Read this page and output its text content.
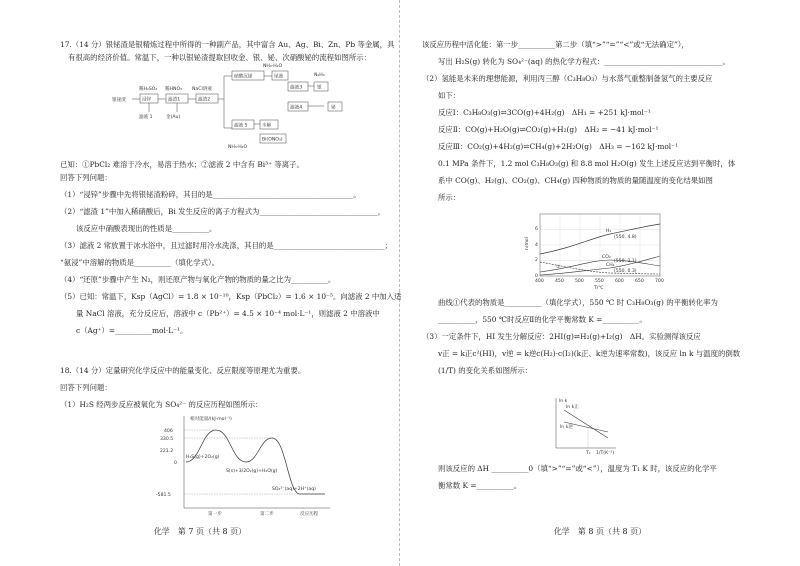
17.（14 分）银铋渣是银精炼过程中所得的一种副产品，其中富含 Au、Ag、Bi、Zn、Pb 等金属，具
有很高的经济价值。常温下，一种以银铋渣提取回收金、银、铋、次硝酸铋的流程如图所示：
银铋渣
稀H₂SO₄
浸锌
滤液 1
稀HNO₃
滤渣1
金(Au)
NaCl溶液
滤渣2
硝酸沉铋	尾液
NH₃·H₂O
滤液3
N₂H₄
银
滤液4	铋
滤液 5	水解
Bi(ONO₃)
NH₃·H₂O
已知：①PbCl₂ 难溶于冷水，易溶于热水；②滤液 2 中含有 Bi³⁺ 等离子。
回答下列问题：
（1）“浸锌”步骤中先将银铋渣粉碎，其目的是______________________________________。
（2）“滤渣 1”中加入稀硝酸后，Bi 发生反应的离子方程式为________________________________，
该反应中硝酸表现出的性质是__________。
（3）滤液 2 常放置于冰水浴中，且过滤时用冷水洗涤，其目的是______________________________；
“氨浸”中溶解的物质是__________（填化学式）。
（4）“还原”步骤中产生 N₂，则还原产物与氧化产物的物质的量之比为__________。
（5）已知：常温下，Ksp（AgCl）= 1.8 × 10⁻¹⁰，Ksp（PbCl₂）= 1.6 × 10⁻⁵。向滤液 2 中加入适
量 NaCl 溶液，充分反应后，溶液中 c（Pb²⁺）= 4.5 × 10⁻⁴ mol·L⁻¹，则滤液 2 中溶液中
c（Ag⁺）=__________mol·L⁻¹。
18.（14 分）定量研究化学反应中的能量变化、反应限度等原理尤为重要。
回答下列问题：
（1）H₂S 经两步反应被氧化为 SO₄²⁻ 的反应历程如图所示：
相对能量/(kJ·mol⁻¹)
406
330.5
221.2
0
-581.5
H₂S(g)+2O₂(g)
S(s)+3/2O₂(g)+H₂O(g)
SO₄²⁻(aq)+2H⁺(aq)
第一步	第二步	反应历程
化学　第 7 页（共 8 页）
该反应历程中活化能：第一步__________第二步（填“>”“=”“<”或“无法确定”），
写出 H₂S(g) 转化为 SO₄²⁻(aq) 的热化学方程式：________________________________。
（2）氢能是未来的理想能源，利用丙三醇（C₃H₈O₃）与水蒸气重整制备氢气的主要反应
如下：
反应Ⅰ：C₃H₈O₃(g)⇌3CO(g)+4H₂(g)　ΔH₁ = +251 kJ·mol⁻¹
反应Ⅱ：CO(g)+H₂O(g)⇌CO₂(g)+H₂(g)　ΔH₂ = −41 kJ·mol⁻¹
反应Ⅲ：CO₂(g)+4H₂(g)⇌CH₄(g)+2H₂O(g)　ΔH₃ = −162 kJ·mol⁻¹
0.1 MPa 条件下，1.2 mol C₃H₈O₃(g) 和 8.8 mol H₂O(g) 发生上述反应达到平衡时，体
系中 CO(g)、H₂(g)、CO₂(g)、CH₄(g) 四种物质的物质的量随温度的变化结果如图
所示：
n/mol
0
2
4
6
400 450 500 550 600 650 700
T/℃
H₂
CO₂
CH₄
①
(550, 4.8)
(550, 2.1)
(550, 0.3)
曲线①代表的物质是__________（填化学式），550 ℃ 时 C₃H₈O₃(g) 的平衡转化率为
__________，550 ℃时反应Ⅱ的化学平衡常数 K =__________。
（3）一定条件下，HI 发生分解反应：2HI(g)⇌H₂(g)+I₂(g)　ΔH。实验测得该反应
v正 = k正c²(HI)，v逆 = k逆c(H₂)·c(I₂)(k正、k逆为速率常数)，该反应 ln k 与温度的倒数
(1/T) 的变化关系如图所示：
ln k
ln k正
ln k逆
T₁ 1/T(K⁻¹)
则该反应的 ΔH __________0（填“>”“=”或“<”），温度为 T₁ K 时，该反应的化学平
衡常数 K =__________。
化学　第 8 页（共 8 页）
